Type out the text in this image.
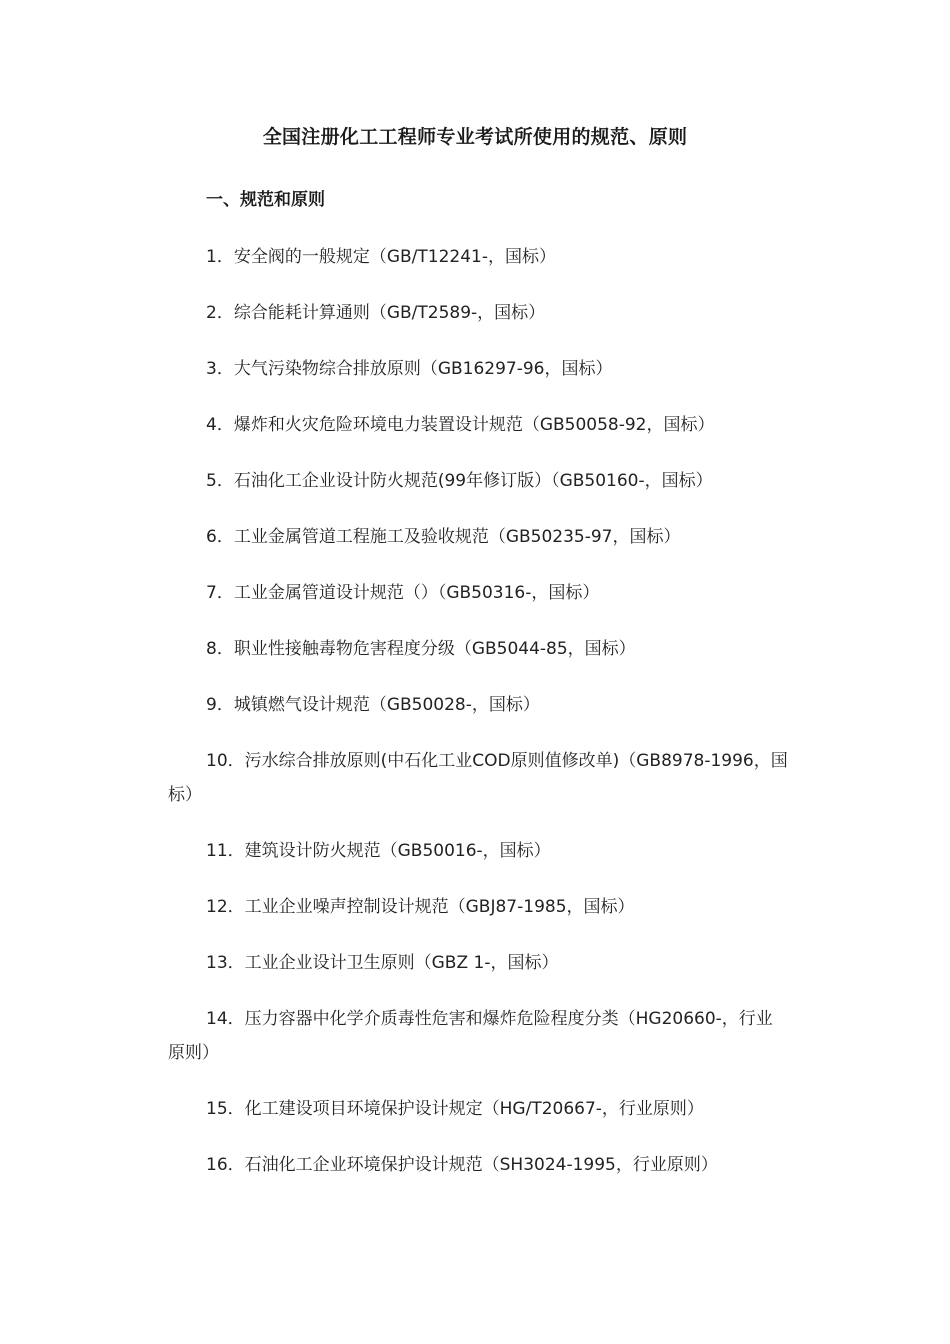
全国注册化工工程师专业考试所使用的规范、原则
一、规范和原则
1．安全阀的一般规定（GB/T12241-，国标）
2．综合能耗计算通则（GB/T2589-，国标）
3．大气污染物综合排放原则（GB16297-96，国标）
4．爆炸和火灾危险环境电力装置设计规范（GB50058-92，国标）
5．石油化工企业设计防火规范(99年修订版）（GB50160-，国标）
6．工业金属管道工程施工及验收规范（GB50235-97，国标）
7．工业金属管道设计规范（）（GB50316-，国标）
8．职业性接触毒物危害程度分级（GB5044-85，国标）
9．城镇燃气设计规范（GB50028-，国标）
10．污水综合排放原则(中石化工业COD原则值修改单)（GB8978-1996，国标）
11．建筑设计防火规范（GB50016-，国标）
12．工业企业噪声控制设计规范（GBJ87-1985，国标）
13．工业企业设计卫生原则（GBZ 1-，国标）
14．压力容器中化学介质毒性危害和爆炸危险程度分类（HG20660-，行业原则）
15．化工建设项目环境保护设计规定（HG/T20667-，行业原则）
16．石油化工企业环境保护设计规范（SH3024-1995，行业原则）
